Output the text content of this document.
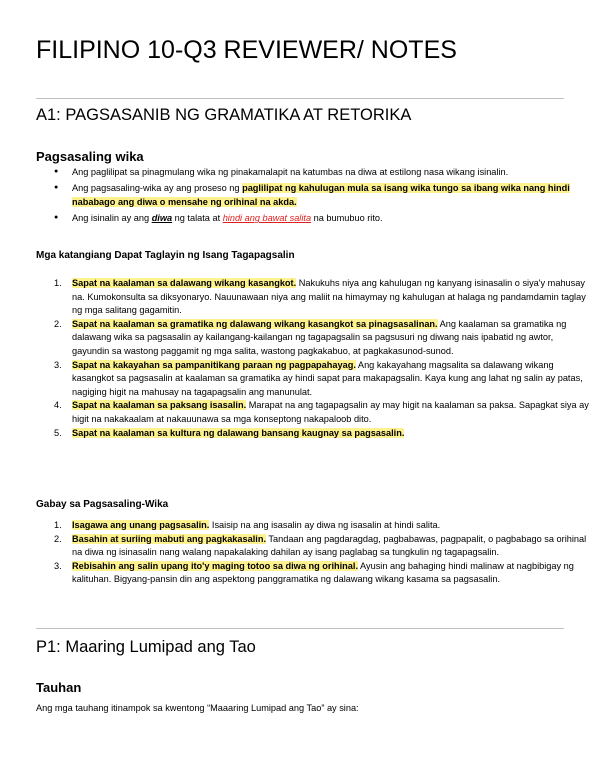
FILIPINO 10-Q3 REVIEWER/ NOTES
A1: PAGSASANIB NG GRAMATIKA AT RETORIKA
Pagsasaling wika
● Ang paglilipat sa pinagmulang wika ng pinakamalapit na katumbas na diwa at estilong nasa wikang isinalin.
● Ang pagsasaling-wika ay ang proseso ng paglilipat ng kahulugan mula sa isang wika tungo sa ibang wika nang hindi nababago ang diwa o mensahe ng orihinal na akda.
● Ang isinalin ay ang diwa ng talata at hindi ang bawat salita na bumubuo rito.
Mga katangiang Dapat Taglayin ng Isang Tagapagsalin
1. Sapat na kaalaman sa dalawang wikang kasangkot. Nakukuhs niya ang kahulugan ng kanyang isinasalin o siya'y mahusay na. Kumokonsulta sa diksyonaryo. Nauunawaan niya ang maliit na himaymay ng kahulugan at halaga ng pandamdamin taglay ng mga salitang gagamitin.
2. Sapat na kaalaman sa gramatika ng dalawang wikang kasangkot sa pinagsasalinan. Ang kaalaman sa gramatika ng dalawang wika sa pagsasalin ay kailangang-kailangan ng tagapagsalin sa pagsusuri ng diwang nais ipabatid ng awtor, gayundin sa wastong paggamit ng mga salita, wastong pagkakabuo, at pagkakasunod-sunod.
3. Sapat na kakayahan sa pampanitikang paraan ng pagpapahayag. Ang kakayahang magsalita sa dalawang wikang kasangkot sa pagsasalin at kaalaman sa gramatika ay hindi sapat para makapagsalin. Kaya kung ang lahat ng salin ay patas, nagiging higit na mahusay na tagapagsalin ang manunulat.
4. Sapat na kaalaman sa paksang isasalin. Marapat na ang tagapagsalin ay may higit na kaalaman sa paksa. Sapagkat siya ay higit na nakakaalam at nakauunawa sa mga konseptong nakapaloob dito.
5. Sapat na kaalaman sa kultura ng dalawang bansang kaugnay sa pagsasalin.
Gabay sa Pagsasaling-Wika
1. Isagawa ang unang pagsasalin. Isaisip na ang isasalin ay diwa ng isasalin at hindi salita.
2. Basahin at suriing mabuti ang pagkakasalin. Tandaan ang pagdaragdag, pagbabawas, pagpapalit, o pagbabago sa orihinal na diwa ng isinasalin nang walang napakalaking dahilan ay isang paglabag sa tungkulin ng tagapagsalin.
3. Rebisahin ang salin upang ito'y maging totoo sa diwa ng orihinal. Ayusin ang bahaging hindi malinaw at nagbibigay ng kalituhan. Bigyang-pansin din ang aspektong panggramatika ng dalawang wikang kasama sa pagsasalin.
P1: Maaring Lumipad ang Tao
Tauhan

Ang mga tauhang itinampok sa kwentong “Maaaring Lumipad ang Tao” ay sina:
